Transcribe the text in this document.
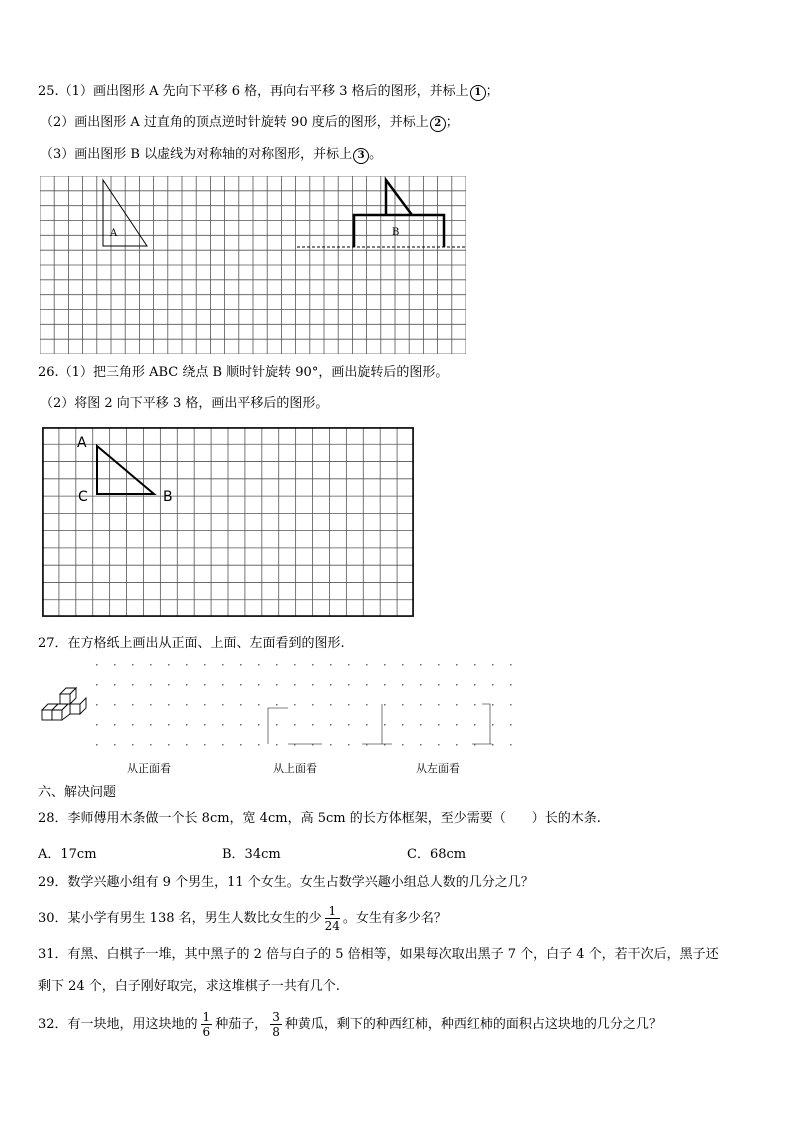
25.（1）画出图形 A 先向下平移 6 格，再向右平移 3 格后的图形，并标上 1 ；
（2）画出图形 A 过直角的顶点逆时针旋转 90 度后的图形，并标上 2 ；
（3）画出图形 B 以虚线为对称轴的对称图形，并标上 3 。
A	B
26.（1）把三角形 ABC 绕点 B 顺时针旋转 90°，画出旋转后的图形。
（2）将图 2 向下平移 3 格，画出平移后的图形。
A
C	B
27．在方格纸上画出从正面、上面、左面看到的图形.
从正面看	从上面看	从左面看
六、解决问题
28．李师傅用木条做一个长 8cm，宽 4cm，高 5cm 的长方体框架，至少需要（　　）长的木条.
A．17cm	B．34cm	C．68cm
29．数学兴趣小组有 9 个男生，11 个女生。女生占数学兴趣小组总人数的几分之几？
30．某小学有男生 138 名，男生人数比女生的少 $\frac{1}{24}$ 。女生有多少名？
31．有黑、白棋子一堆，其中黑子的 2 倍与白子的 5 倍相等，如果每次取出黑子 7 个，白子 4 个，若干次后，黑子还
剩下 24 个，白子刚好取完，求这堆棋子一共有几个.
32．有一块地，用这块地的 $\frac{1}{6}$ 种茄子， $\frac{3}{8}$ 种黄瓜，剩下的种西红柿，种西红柿的面积占这块地的几分之几？
